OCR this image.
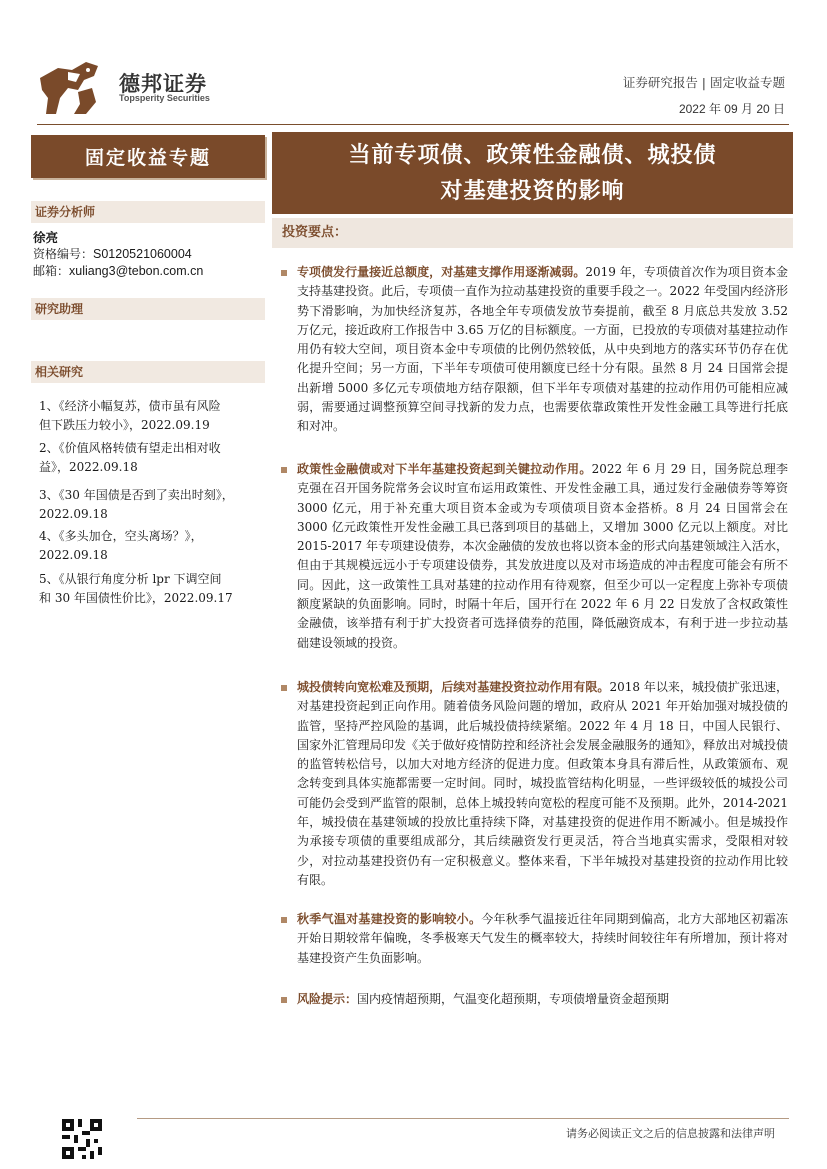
德邦证券
Topsperity Securities
证券研究报告 | 固定收益专题
2022 年 09 月 20 日
固定收益专题	当前专项债、政策性金融债、城投债
对基建投资的影响
证券分析师
徐亮
资格编号：S0120521060004
邮箱：xuliang3@tebon.com.cn
研究助理
相关研究
1、《经济小幅复苏，债市虽有风险
但下跌压力较小》，2022.09.19
2、《价值风格转债有望走出相对收
益》，2022.09.18
3、《30 年国债是否到了卖出时刻》，
2022.09.18
4、《多头加仓，空头离场？》，
2022.09.18
5、《从银行角度分析 lpr 下调空间
和 30 年国债性价比》，2022.09.17
投资要点：
专项债发行量接近总额度，对基建支撑作用逐渐减弱。2019 年，专项债首次作为项目资本金支持基建投资。此后，专项债一直作为拉动基建投资的重要手段之一。2022 年受国内经济形势下滑影响，为加快经济复苏，各地全年专项债发放节奏提前，截至 8 月底总共发放 3.52 万亿元，接近政府工作报告中 3.65 万亿的目标额度。一方面，已投放的专项债对基建拉动作用仍有较大空间，项目资本金中专项债的比例仍然较低，从中央到地方的落实环节仍存在优化提升空间；另一方面，下半年专项债可使用额度已经十分有限。虽然 8 月 24 日国常会提出新增 5000 多亿元专项债地方结存限额，但下半年专项债对基建的拉动作用仍可能相应减弱，需要通过调整预算空间寻找新的发力点，也需要依靠政策性开发性金融工具等进行托底和对冲。
政策性金融债或对下半年基建投资起到关键拉动作用。2022 年 6 月 29 日，国务院总理李克强在召开国务院常务会议时宣布运用政策性、开发性金融工具，通过发行金融债券等筹资 3000 亿元，用于补充重大项目资本金或为专项债项目资本金搭桥。8 月 24 日国常会在 3000 亿元政策性开发性金融工具已落到项目的基础上，又增加 3000 亿元以上额度。对比 2015-2017 年专项建设债券，本次金融债的发放也将以资本金的形式向基建领域注入活水，但由于其规模远远小于专项建设债券，其发放进度以及对市场造成的冲击程度可能会有所不同。因此，这一政策性工具对基建的拉动作用有待观察，但至少可以一定程度上弥补专项债额度紧缺的负面影响。同时，时隔十年后，国开行在 2022 年 6 月 22 日发放了含权政策性金融债，该举措有利于扩大投资者可选择债券的范围，降低融资成本，有利于进一步拉动基础建设领域的投资。
城投债转向宽松难及预期，后续对基建投资拉动作用有限。2018 年以来，城投债扩张迅速，对基建投资起到正向作用。随着债务风险问题的增加，政府从 2021 年开始加强对城投债的监管，坚持严控风险的基调，此后城投债持续紧缩。2022 年 4 月 18 日，中国人民银行、国家外汇管理局印发《关于做好疫情防控和经济社会发展金融服务的通知》，释放出对城投债的监管转松信号，以加大对地方经济的促进力度。但政策本身具有滞后性，从政策颁布、观念转变到具体实施都需要一定时间。同时，城投监管结构化明显，一些评级较低的城投公司可能仍会受到严监管的限制，总体上城投转向宽松的程度可能不及预期。此外，2014-2021 年，城投债在基建领域的投放比重持续下降，对基建投资的促进作用不断减小。但是城投作为承接专项债的重要组成部分，其后续融资发行更灵活，符合当地真实需求，受限相对较少，对拉动基建投资仍有一定积极意义。整体来看，下半年城投对基建投资的拉动作用比较有限。
秋季气温对基建投资的影响较小。今年秋季气温接近往年同期到偏高，北方大部地区初霜冻开始日期较常年偏晚，冬季极寒天气发生的概率较大，持续时间较往年有所增加，预计将对基建投资产生负面影响。
风险提示：国内疫情超预期，气温变化超预期，专项债增量资金超预期
请务必阅读正文之后的信息披露和法律声明
